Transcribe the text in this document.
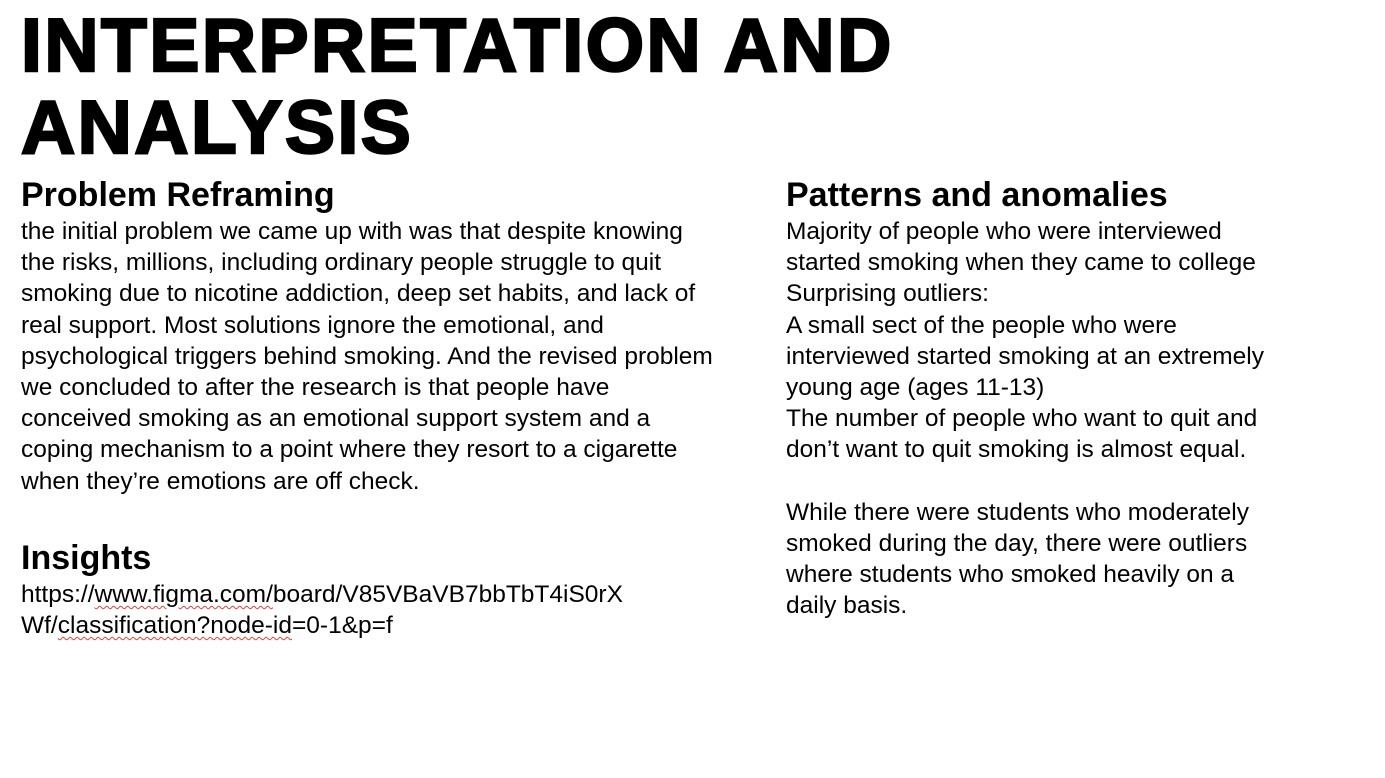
INTERPRETATION AND
ANALYSIS
Problem Reframing
the initial problem we came up with was that despite knowing
the risks, millions, including ordinary people struggle to quit
smoking due to nicotine addiction, deep set habits, and lack of
real support. Most solutions ignore the emotional, and
psychological triggers behind smoking. And the revised problem
we concluded to after the research is that people have
conceived smoking as an emotional support system and a
coping mechanism to a point where they resort to a cigarette
when they’re emotions are off check.
Insights
https://www.figma.com/board/V85VBaVB7bbTbT4iS0rX
Wf/classification?node-id=0-1&p=f
Patterns and anomalies
Majority of people who were interviewed
started smoking when they came to college
Surprising outliers:
A small sect of the people who were
interviewed started smoking at an extremely
young age (ages 11-13)
The number of people who want to quit and
don’t want to quit smoking is almost equal.
While there were students who moderately
smoked during the day, there were outliers
where students who smoked heavily on a
daily basis.
